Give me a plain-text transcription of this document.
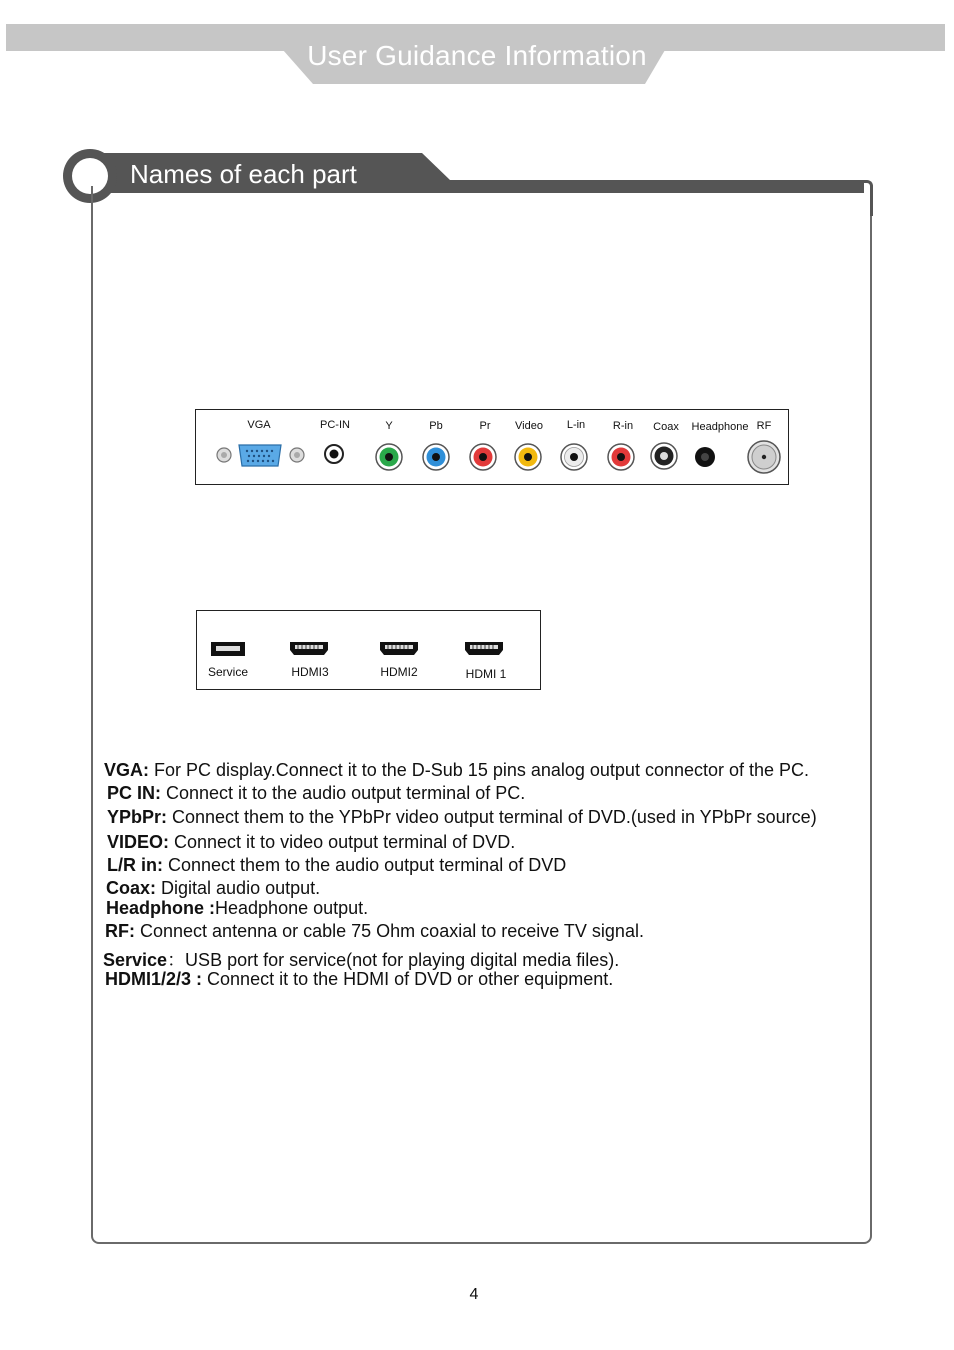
User Guidance Information
Names of each part
VGA	PC-IN	Y	Pb	Pr Video L-in	R-in Coax Headphone RF
Service	HDMI3	HDMI2	HDMI 1
VGA: For PC display.Connect it to the D-Sub 15 pins analog output connector of the PC.
PC IN: Connect it to the audio output terminal of PC.
YPbPr: Connect them to the YPbPr video output terminal of DVD.(used in YPbPr source)
VIDEO: Connect it to video output terminal of DVD.
L/R in: Connect them to the audio output terminal of DVD
Coax: Digital audio output.
Headphone :Headphone output.
RF: Connect antenna or cable 75 Ohm coaxial to receive TV signal.
Service：USB port for service(not for playing digital media files).
HDMI1/2/3 : Connect it to the HDMI of DVD or other equipment.
4
